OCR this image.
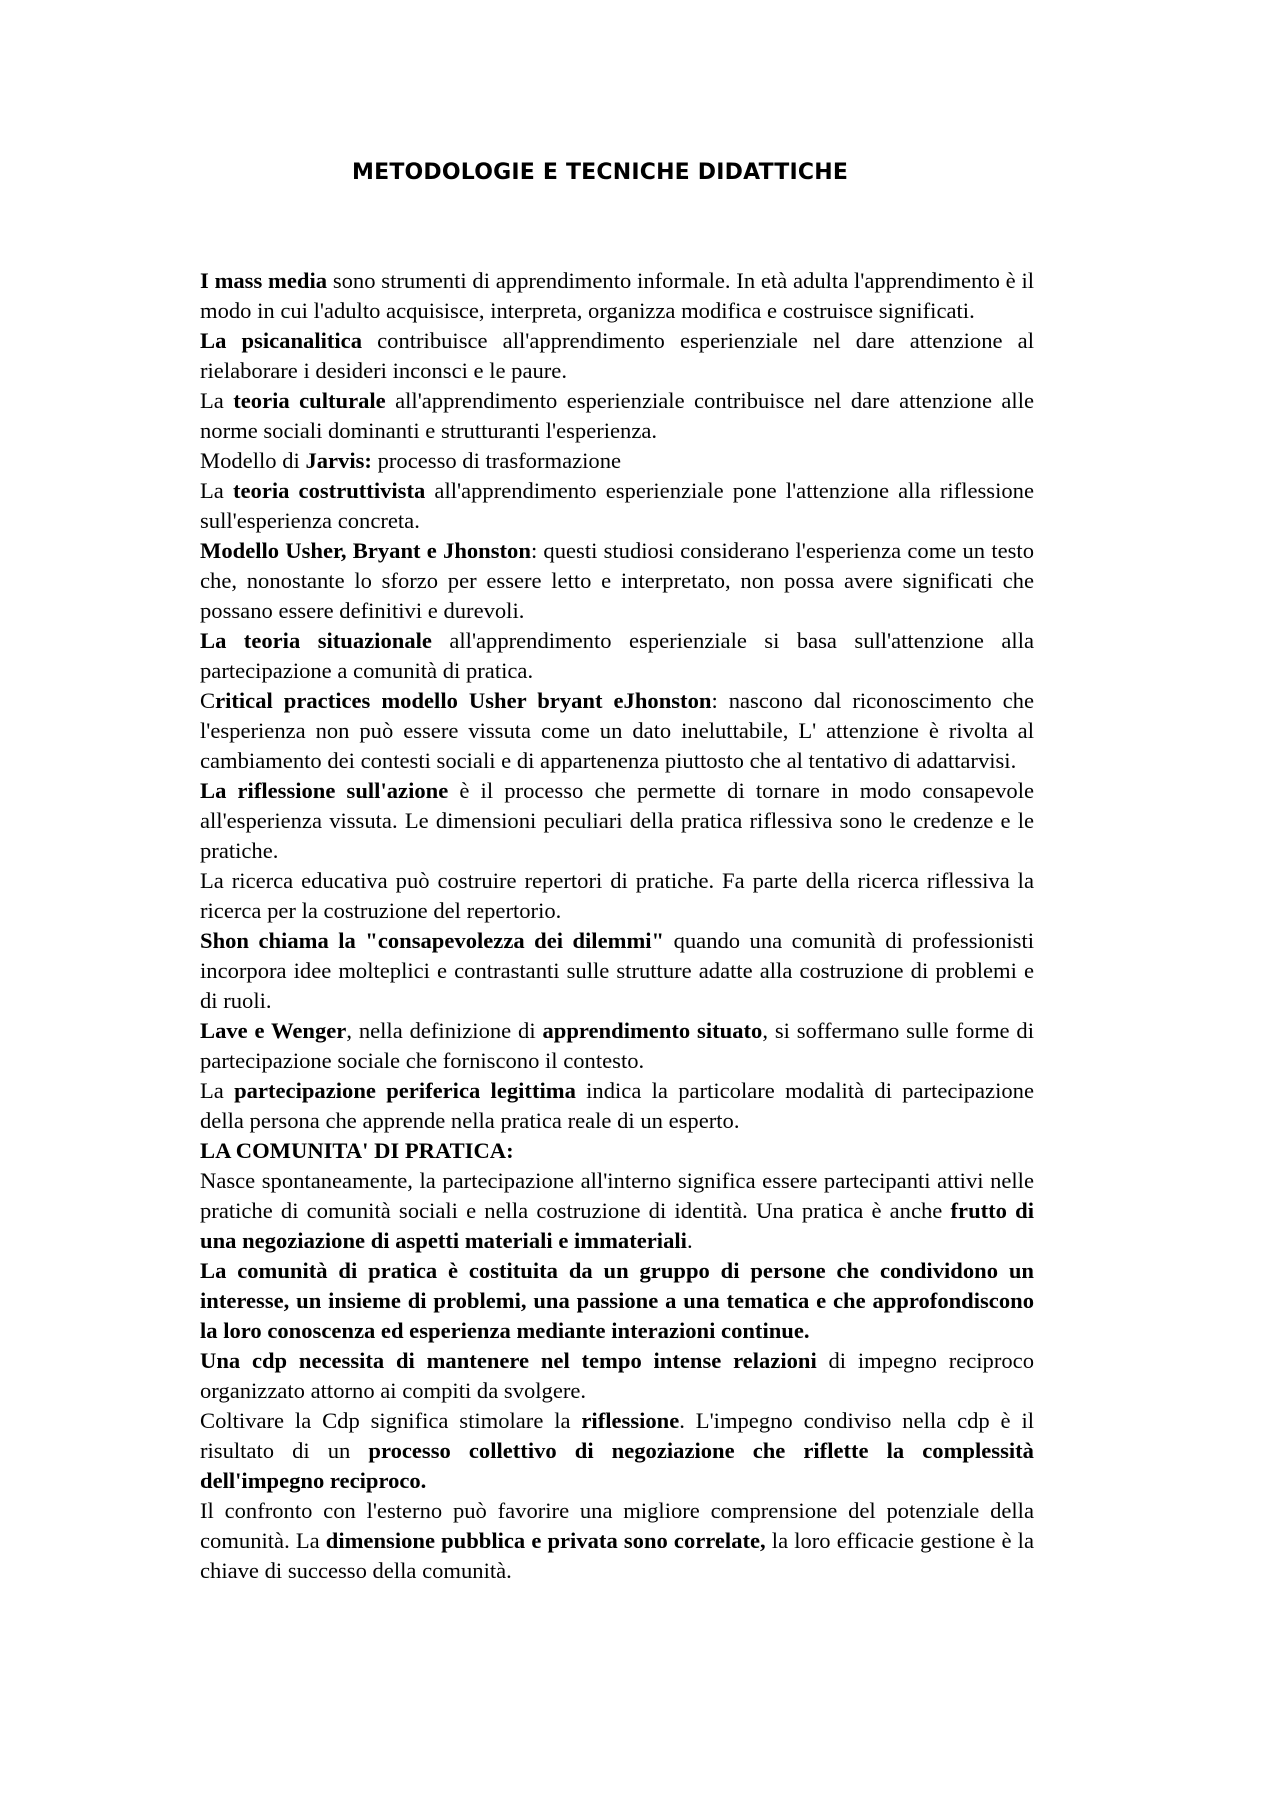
METODOLOGIE E TECNICHE DIDATTICHE

I mass media sono strumenti di apprendimento informale. In età adulta l'apprendimento è il modo in cui l'adulto acquisisce, interpreta, organizza modifica e costruisce significati.

La psicanalitica contribuisce all'apprendimento esperienziale nel dare attenzione al rielaborare i desideri inconsci e le paure.

La teoria culturale all'apprendimento esperienziale contribuisce nel dare attenzione alle norme sociali dominanti e strutturanti l'esperienza.

Modello di Jarvis: processo di trasformazione

La teoria costruttivista all'apprendimento esperienziale pone l'attenzione alla riflessione sull'esperienza concreta.

Modello Usher, Bryant e Jhonston: questi studiosi considerano l'esperienza come un testo che, nonostante lo sforzo per essere letto e interpretato, non possa avere significati che possano essere definitivi e durevoli.

La teoria situazionale all'apprendimento esperienziale si basa sull'attenzione alla partecipazione a comunità di pratica.

Critical practices modello Usher bryant eJhonston: nascono dal riconoscimento che l'esperienza non può essere vissuta come un dato ineluttabile, L' attenzione è rivolta al cambiamento dei contesti sociali e di appartenenza piuttosto che al tentativo di adattarvisi.

La riflessione sull'azione è il processo che permette di tornare in modo consapevole all'esperienza vissuta. Le dimensioni peculiari della pratica riflessiva sono le credenze e le pratiche.

La ricerca educativa può costruire repertori di pratiche. Fa parte della ricerca riflessiva la ricerca per la costruzione del repertorio.

Shon chiama la "consapevolezza dei dilemmi" quando una comunità di professionisti incorpora idee molteplici e contrastanti sulle strutture adatte alla costruzione di problemi e di ruoli.

Lave e Wenger, nella definizione di apprendimento situato, si soffermano sulle forme di partecipazione sociale che forniscono il contesto.

La partecipazione periferica legittima indica la particolare modalità di partecipazione della persona che apprende nella pratica reale di un esperto.

LA COMUNITA' DI PRATICA:

Nasce spontaneamente, la partecipazione all'interno significa essere partecipanti attivi nelle pratiche di comunità sociali e nella costruzione di identità. Una pratica è anche frutto di una negoziazione di aspetti materiali e immateriali.

La comunità di pratica è costituita da un gruppo di persone che condividono un interesse, un insieme di problemi, una passione a una tematica e che approfondiscono la loro conoscenza ed esperienza mediante interazioni continue.

Una cdp necessita di mantenere nel tempo intense relazioni di impegno reciproco organizzato attorno ai compiti da svolgere.

Coltivare la Cdp significa stimolare la riflessione. L'impegno condiviso nella cdp è il risultato di un processo collettivo di negoziazione che riflette la complessità dell'impegno reciproco.

Il confronto con l'esterno può favorire una migliore comprensione del potenziale della comunità. La dimensione pubblica e privata sono correlate, la loro efficacie gestione è la chiave di successo della comunità.
